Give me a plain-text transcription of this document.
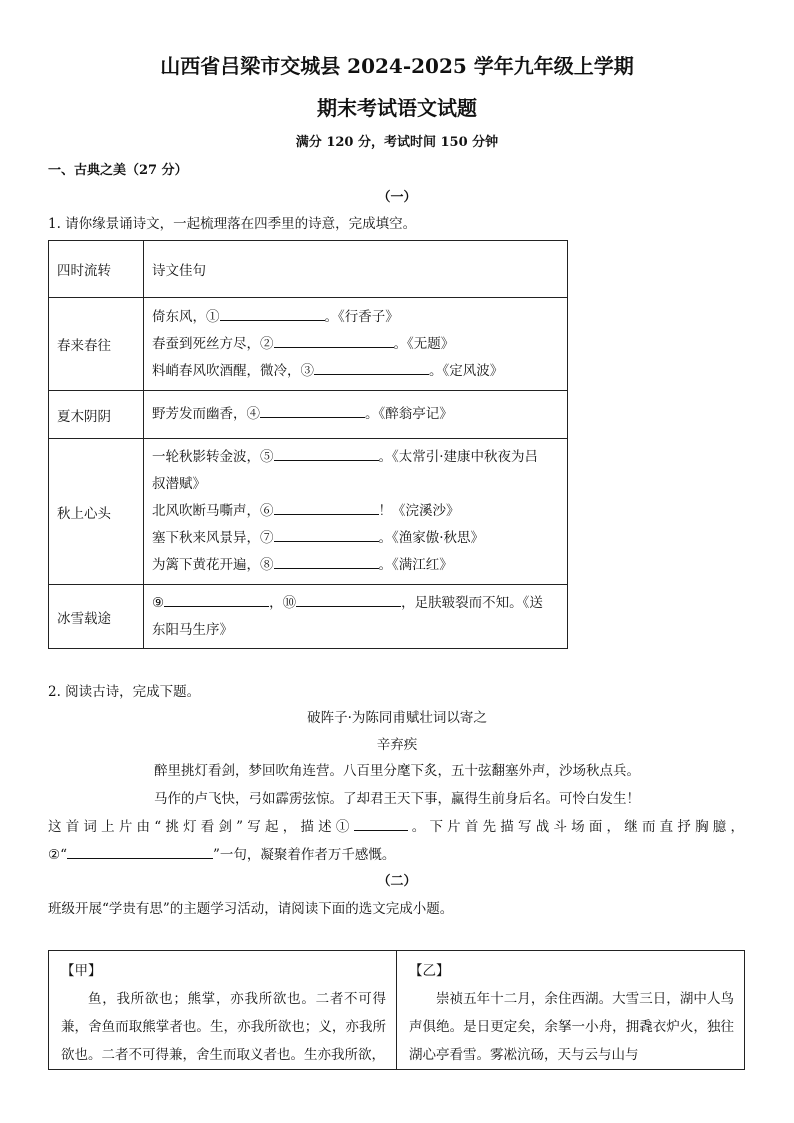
山西省吕梁市交城县 2024-2025 学年九年级上学期
期末考试语文试题
满分 120 分，考试时间 150 分钟
一、古典之美（27 分）
（一）
1. 请你缘景诵诗文，一起梳理落在四季里的诗意，完成填空。
四时流转	诗文佳句
春来春往	倚东风，① 。《行香子》
春蚕到死丝方尽，② 。《无题》
料峭春风吹酒醒，微冷，③ 。《定风波》

夏木阴阴	野芳发而幽香，④ 。《醉翁亭记》

秋上心头	一轮秋影转金波，⑤ 。《太常引·建康中秋夜为吕
叔潜赋》
北风吹断马嘶声，⑥ ！《浣溪沙》
塞下秋来风景异，⑦ 。《渔家傲·秋思》
为篱下黄花开遍，⑧ 。《满江红》

冰雪载途	⑨ ，⑩ ，足肤皲裂而不知。《送
东阳马生序》
2. 阅读古诗，完成下题。
破阵子·为陈同甫赋壮词以寄之
辛弃疾
醉里挑灯看剑，梦回吹角连营。八百里分麾下炙，五十弦翻塞外声，沙场秋点兵。
马作的卢飞快，弓如霹雳弦惊。了却君王天下事，赢得生前身后名。可怜白发生！
这首词上片由“挑灯看剑”写起，描述①	。下片首先描写战斗场面，继而直抒胸臆，
②“	”一句，凝聚着作者万千感慨。
（二）
班级开展“学贵有思”的主题学习活动，请阅读下面的选文完成小题。
【甲】
鱼，我所欲也；熊掌，亦我所欲也。二者不可得兼，舍鱼而取熊掌者也。生，亦我所欲也；义，亦我所欲也。二者不可得兼，舍生而取义者也。生亦我所欲，
【乙】
崇祯五年十二月，余住西湖。大雪三日，湖中人鸟声俱绝。是日更定矣，余拏一小舟，拥毳衣炉火，独往湖心亭看雪。雾凇沆砀，天与云与山与
